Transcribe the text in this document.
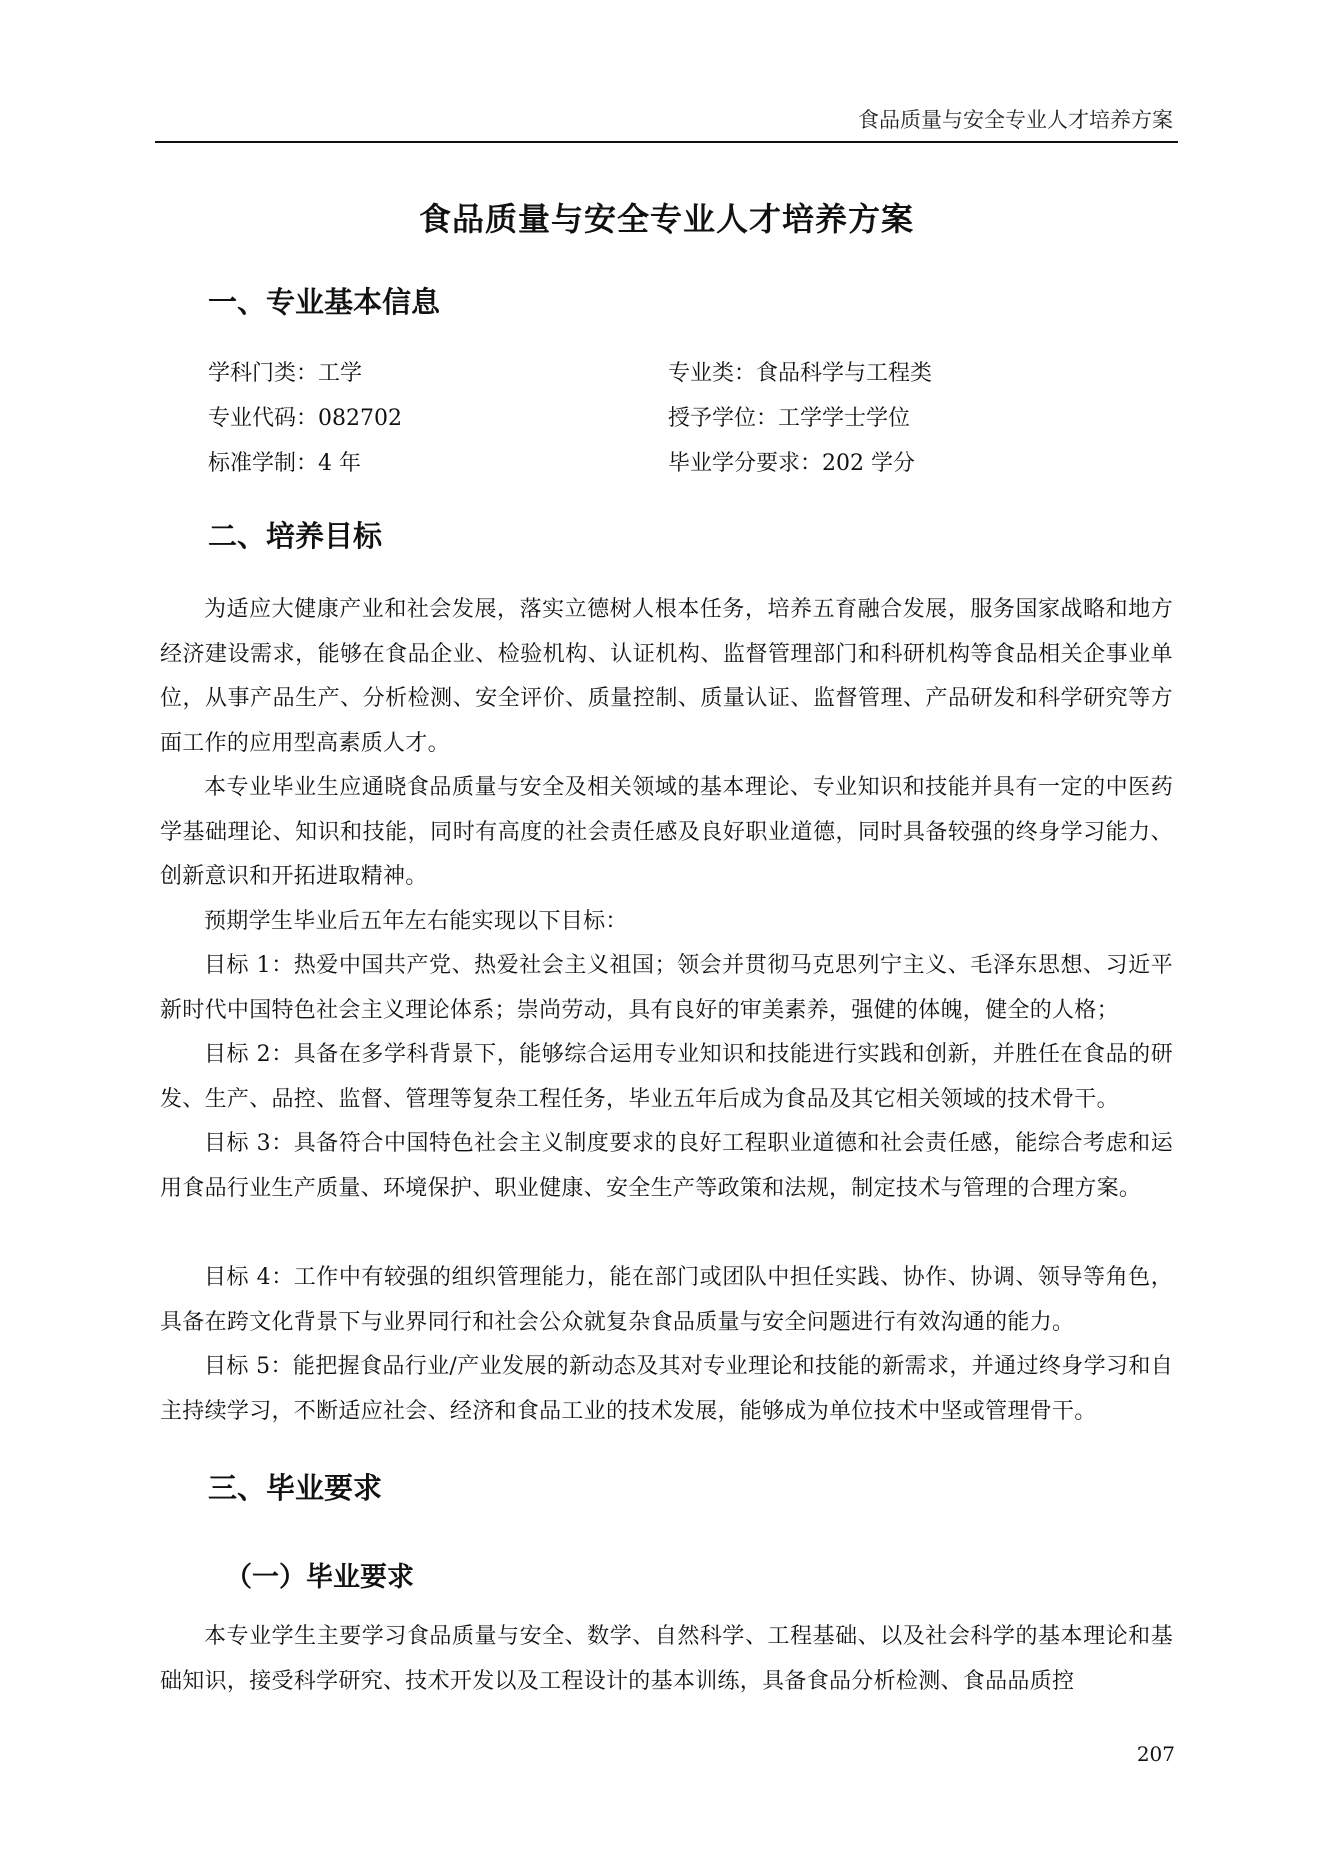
食品质量与安全专业人才培养方案
食品质量与安全专业人才培养方案
一、专业基本信息
学科门类：工学	专业类：食品科学与工程类
专业代码：082702	授予学位：工学学士学位
标准学制：4 年	毕业学分要求：202 学分
二、培养目标

为适应大健康产业和社会发展，落实立德树人根本任务，培养五育融合发展，服务国家战略和地方经济建设需求，能够在食品企业、检验机构、认证机构、监督管理部门和科研机构等食品相关企事业单位，从事产品生产、分析检测、安全评价、质量控制、质量认证、监督管理、产品研发和科学研究等方面工作的应用型高素质人才。

本专业毕业生应通晓食品质量与安全及相关领域的基本理论、专业知识和技能并具有一定的中医药学基础理论、知识和技能，同时有高度的社会责任感及良好职业道德，同时具备较强的终身学习能力、创新意识和开拓进取精神。

预期学生毕业后五年左右能实现以下目标：

目标 1：热爱中国共产党、热爱社会主义祖国；领会并贯彻马克思列宁主义、毛泽东思想、习近平新时代中国特色社会主义理论体系；崇尚劳动，具有良好的审美素养，强健的体魄，健全的人格；

目标 2：具备在多学科背景下，能够综合运用专业知识和技能进行实践和创新，并胜任在食品的研发、生产、品控、监督、管理等复杂工程任务，毕业五年后成为食品及其它相关领域的技术骨干。

目标 3：具备符合中国特色社会主义制度要求的良好工程职业道德和社会责任感，能综合考虑和运用食品行业生产质量、环境保护、职业健康、安全生产等政策和法规，制定技术与管理的合理方案。

目标 4：工作中有较强的组织管理能力，能在部门或团队中担任实践、协作、协调、领导等角色，具备在跨文化背景下与业界同行和社会公众就复杂食品质量与安全问题进行有效沟通的能力。

目标 5：能把握食品行业/产业发展的新动态及其对专业理论和技能的新需求，并通过终身学习和自主持续学习，不断适应社会、经济和食品工业的技术发展，能够成为单位技术中坚或管理骨干。

三、毕业要求
（一）毕业要求

本专业学生主要学习食品质量与安全、数学、自然科学、工程基础、以及社会科学的基本理论和基础知识，接受科学研究、技术开发以及工程设计的基本训练，具备食品分析检测、食品品质控

207
